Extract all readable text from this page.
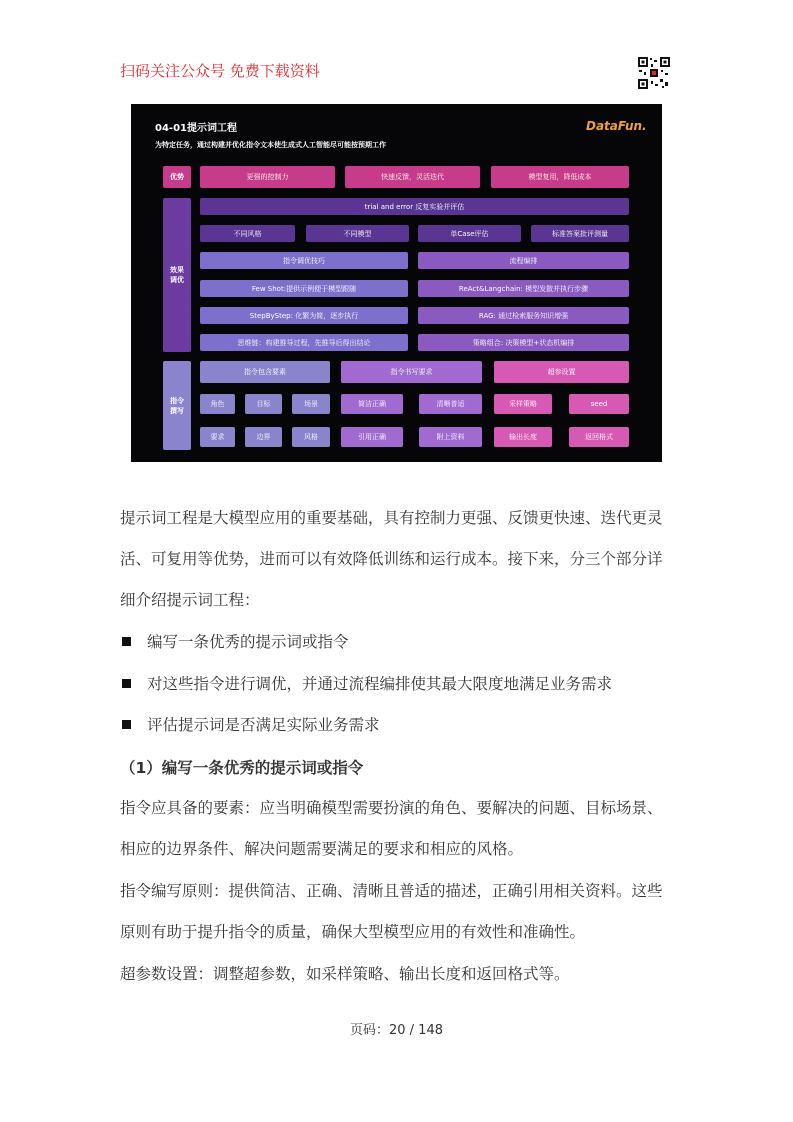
扫码关注公众号 免费下载资料
04-01提示词工程
为特定任务，通过构建并优化指令文本使生成式人工智能尽可能按预期工作
DataFun.
优势
效果
调优
指令
撰写
更强的控制力	快速反馈，灵活迭代	模型复用，降低成本
trial and error 反复实验并评估
不同风格	不同模型	单Case评估	标准答案批评测量
指令调优技巧
Few Shot:提供示例便于模型跟随
StepByStep: 化繁为简，逐步执行
思维链：构建推导过程，先推导后得出结论
流程编排
ReAct&Langchain: 模型发散并执行步骤
RAG: 通过检索服务知识增强
策略组合: 决策模型+状态机编排
指令包含要素	指令书写要求	超参设置
角色	目标	场景
要求	边界	风格
简洁正确	清晰普适
引用正确	附上资料
采样策略	seed
输出长度	返回格式
提示词工程是大模型应用的重要基础，具有控制力更强、反馈更快速、迭代更灵
活、可复用等优势，进而可以有效降低训练和运行成本。接下来，分三个部分详
细介绍提示词工程：
编写一条优秀的提示词或指令
对这些指令进行调优，并通过流程编排使其最大限度地满足业务需求
评估提示词是否满足实际业务需求
（1）编写一条优秀的提示词或指令
指令应具备的要素：应当明确模型需要扮演的角色、要解决的问题、目标场景、
相应的边界条件、解决问题需要满足的要求和相应的风格。
指令编写原则：提供简洁、正确、清晰且普适的描述，正确引用相关资料。这些
原则有助于提升指令的质量，确保大型模型应用的有效性和准确性。
超参数设置：调整超参数，如采样策略、输出长度和返回格式等。
页码：20 / 148
